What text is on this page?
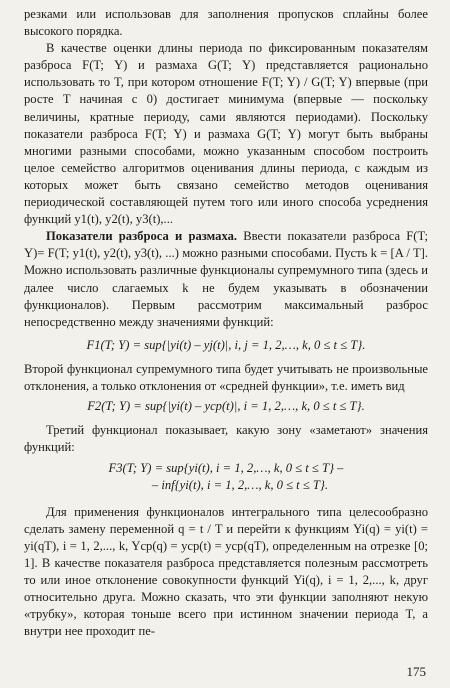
резками или использовав для заполнения пропусков сплайны более высокого порядка.

В качестве оценки длины периода по фиксированным показателям разброса F(T; Y) и размаха G(T; Y) представляется рационально использовать то T, при котором отношение F(T; Y) / G(T; Y) впервые (при росте T начиная с 0) достигает минимума (впервые — поскольку величины, кратные периоду, сами являются периодами). Поскольку показатели разброса F(T; Y) и размаха G(T; Y) могут быть выбраны многими разными способами, можно указанным способом построить целое семейство алгоритмов оценивания длины периода, с каждым из которых может быть связано семейство методов оценивания периодической составляющей путем того или иного способа усреднения функций y1(t), y2(t), y3(t),...

Показатели разброса и размаха. Ввести показатели разброса F(T; Y)= F(T; y1(t), y2(t), y3(t), ...) можно разными способами. Пусть k = [A / T]. Можно использовать различные функционалы супремумного типа (здесь и далее число слагаемых k не будем указывать в обозначении функционалов). Первым рассмотрим максимальный разброс непосредственно между значениями функций:

F1(T; Y) = sup{|yi(t) – yj(t)|, i, j = 1, 2,…, k, 0 ≤ t ≤ T}.

Второй функционал супремумного типа будет учитывать не произвольные отклонения, а только отклонения от «средней функции», т.е. иметь вид

F2(T; Y) = sup{|yi(t) – yср(t)|, i = 1, 2,…, k, 0 ≤ t ≤ T}.

Третий функционал показывает, какую зону «заметают» значения функций:

F3(T; Y) = sup{yi(t), i = 1, 2,…, k, 0 ≤ t ≤ T} –
– inf{yi(t), i = 1, 2,…, k, 0 ≤ t ≤ T}.

Для применения функционалов интегрального типа целесообразно сделать замену переменной q = t / T и перейти к функциям Yi(q) = yi(t) = yi(qT), i = 1, 2,..., k, Yср(q) = yср(t) = yср(qT), определенным на отрезке [0; 1]. В качестве показателя разброса представляется полезным рассмотреть то или иное отклонение совокупности функций Yi(q), i = 1, 2,..., k, друг относительно друга. Можно сказать, что эти функции заполняют некую «трубку», которая тоньше всего при истинном значении периода T, а внутри нее проходит пе-

175
